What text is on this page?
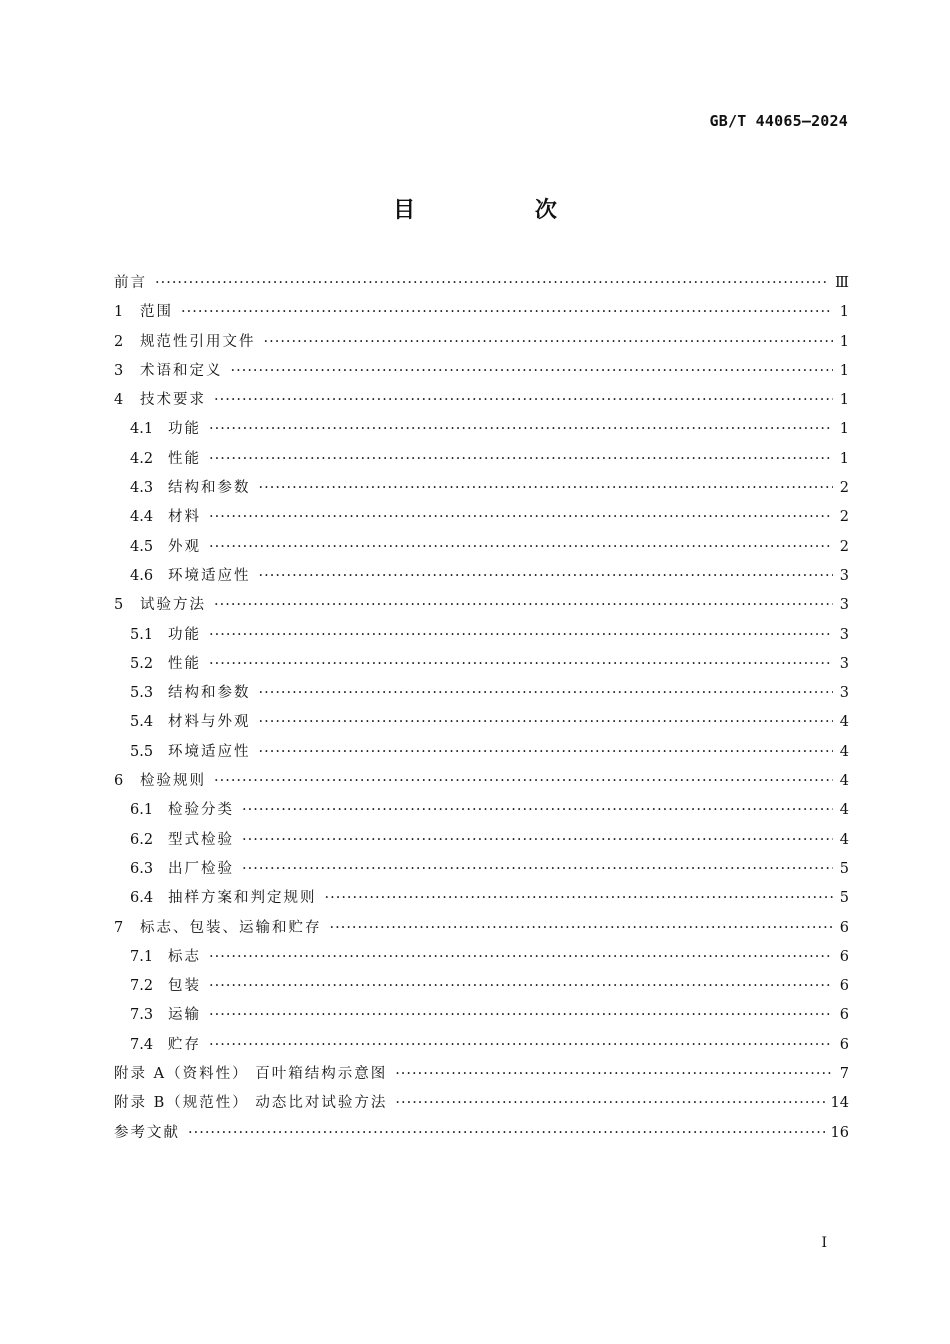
GB/T 44065—2024
目 次
前言 ·····	Ⅲ
1	范围 ·····	1
2	规范性引用文件 ·····	1
3	术语和定义 ·····	1
4	技术要求 ·····	1
4.1	功能 ·····	1
4.2	性能 ·····	1
4.3	结构和参数 ·····	2
4.4	材料 ·····	2
4.5	外观 ·····	2
4.6	环境适应性 ·····	3
5	试验方法 ·····	3
5.1	功能 ·····	3
5.2	性能 ·····	3
5.3	结构和参数 ·····	3
5.4	材料与外观 ·····	4
5.5	环境适应性 ·····	4
6	检验规则 ·····	4
6.1	检验分类 ·····	4
6.2	型式检验 ·····	4
6.3	出厂检验 ·····	5
6.4	抽样方案和判定规则 ·····	5
7	标志、包装、运输和贮存 ·····	6
7.1	标志 ·····	6
7.2	包装 ·····	6
7.3	运输 ·····	6
7.4	贮存 ·····	6
附录 A（资料性） 百叶箱结构示意图 ·····	7
附录 B（规范性） 动态比对试验方法 ·····	14
参考文献 ·····	16
I
